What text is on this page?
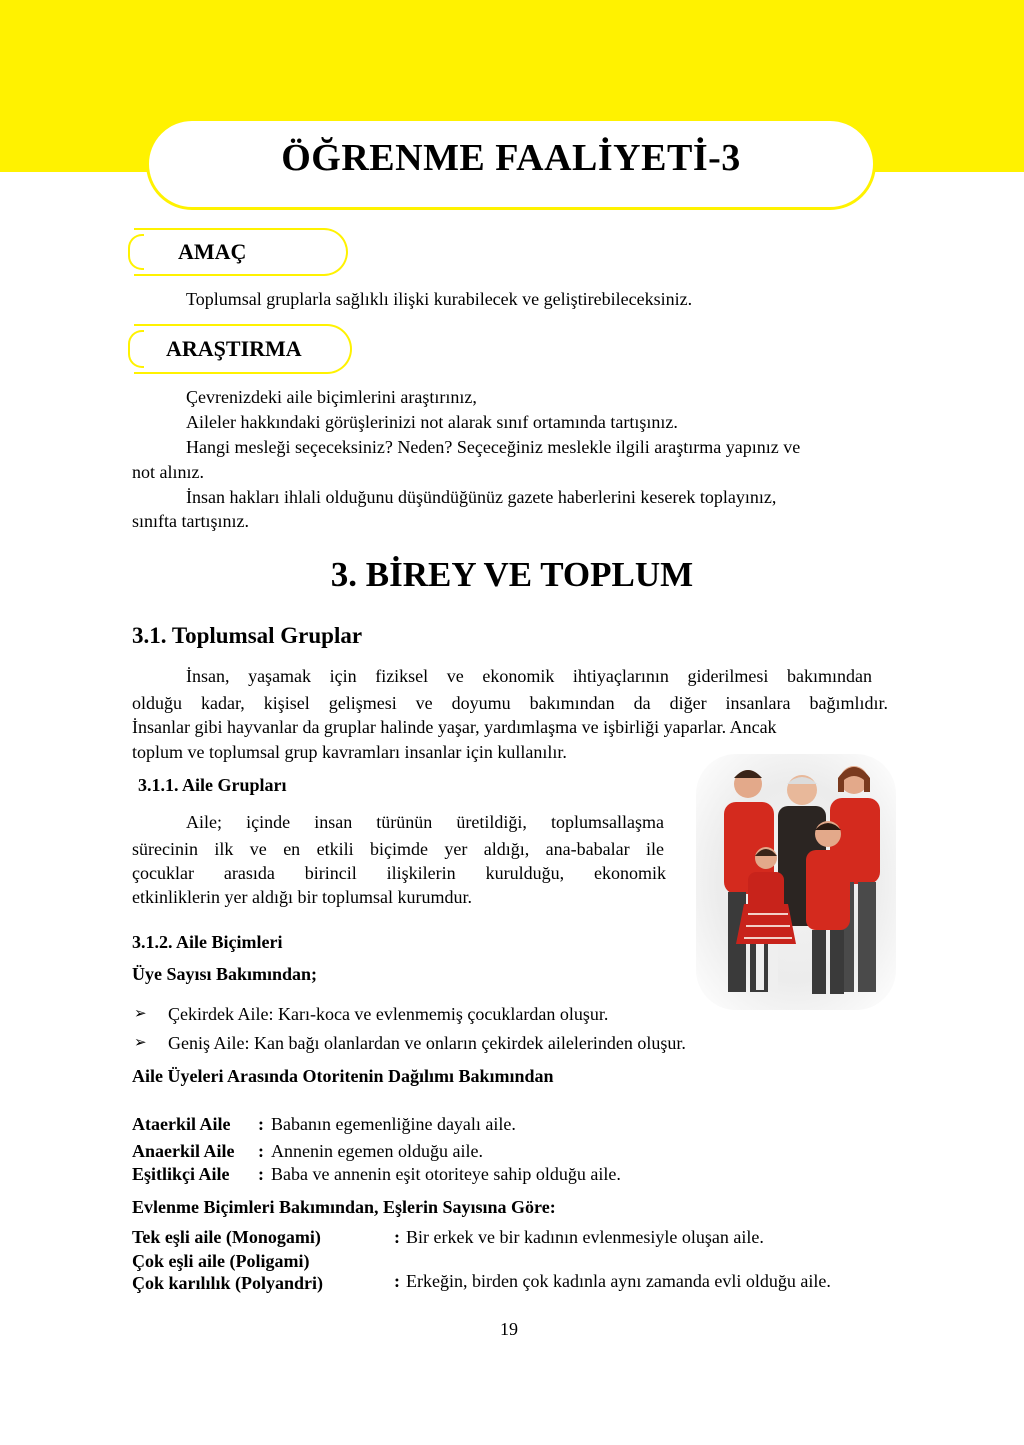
ÖĞRENME FAALİYETİ-3
AMAÇ
Toplumsal gruplarla sağlıklı ilişki kurabilecek ve geliştirebileceksiniz.
ARAŞTIRMA
Çevrenizdeki aile biçimlerini araştırınız,
Aileler hakkındaki görüşlerinizi not alarak sınıf ortamında tartışınız.
Hangi mesleği seçeceksiniz? Neden? Seçeceğiniz meslekle ilgili araştırma yapınız ve
not alınız.
İnsan hakları ihlali olduğunu düşündüğünüz gazete haberlerini keserek toplayınız,
sınıfta tartışınız.
3. BİREY VE TOPLUM
3.1. Toplumsal Gruplar
İnsan, yaşamak için fiziksel ve ekonomik ihtiyaçlarının giderilmesi bakımından
olduğu kadar, kişisel gelişmesi ve doyumu bakımından da diğer insanlara bağımlıdır.
İnsanlar gibi hayvanlar da gruplar halinde yaşar, yardımlaşma ve işbirliği yaparlar. Ancak
toplum ve toplumsal grup kavramları insanlar için kullanılır.
3.1.1. Aile Grupları
Aile; içinde insan türünün üretildiği, toplumsallaşma
sürecinin ilk ve en etkili biçimde yer aldığı, ana-babalar ile
çocuklar arasıda birincil ilişkilerin kurulduğu, ekonomik
etkinliklerin yer aldığı bir toplumsal kurumdur.
3.1.2. Aile Biçimleri
Üye Sayısı Bakımından;
➢ Çekirdek Aile: Karı-koca ve evlenmemiş çocuklardan oluşur.
➢ Geniş Aile: Kan bağı olanlardan ve onların çekirdek ailelerinden oluşur.
Aile Üyeleri Arasında Otoritenin Dağılımı Bakımından
Ataerkil Aile : Babanın egemenliğine dayalı aile.
Anaerkil Aile : Annenin egemen olduğu aile.
Eşitlikçi Aile : Baba ve annenin eşit otoriteye sahip olduğu aile.
Evlenme Biçimleri Bakımından, Eşlerin Sayısına Göre:
Tek eşli aile (Monogami)	: Bir erkek ve bir kadının evlenmesiyle oluşan aile.
Çok eşli aile (Poligami)
Çok karılılık (Polyandri)	: Erkeğin, birden çok kadınla aynı zamanda evli olduğu aile.
19
